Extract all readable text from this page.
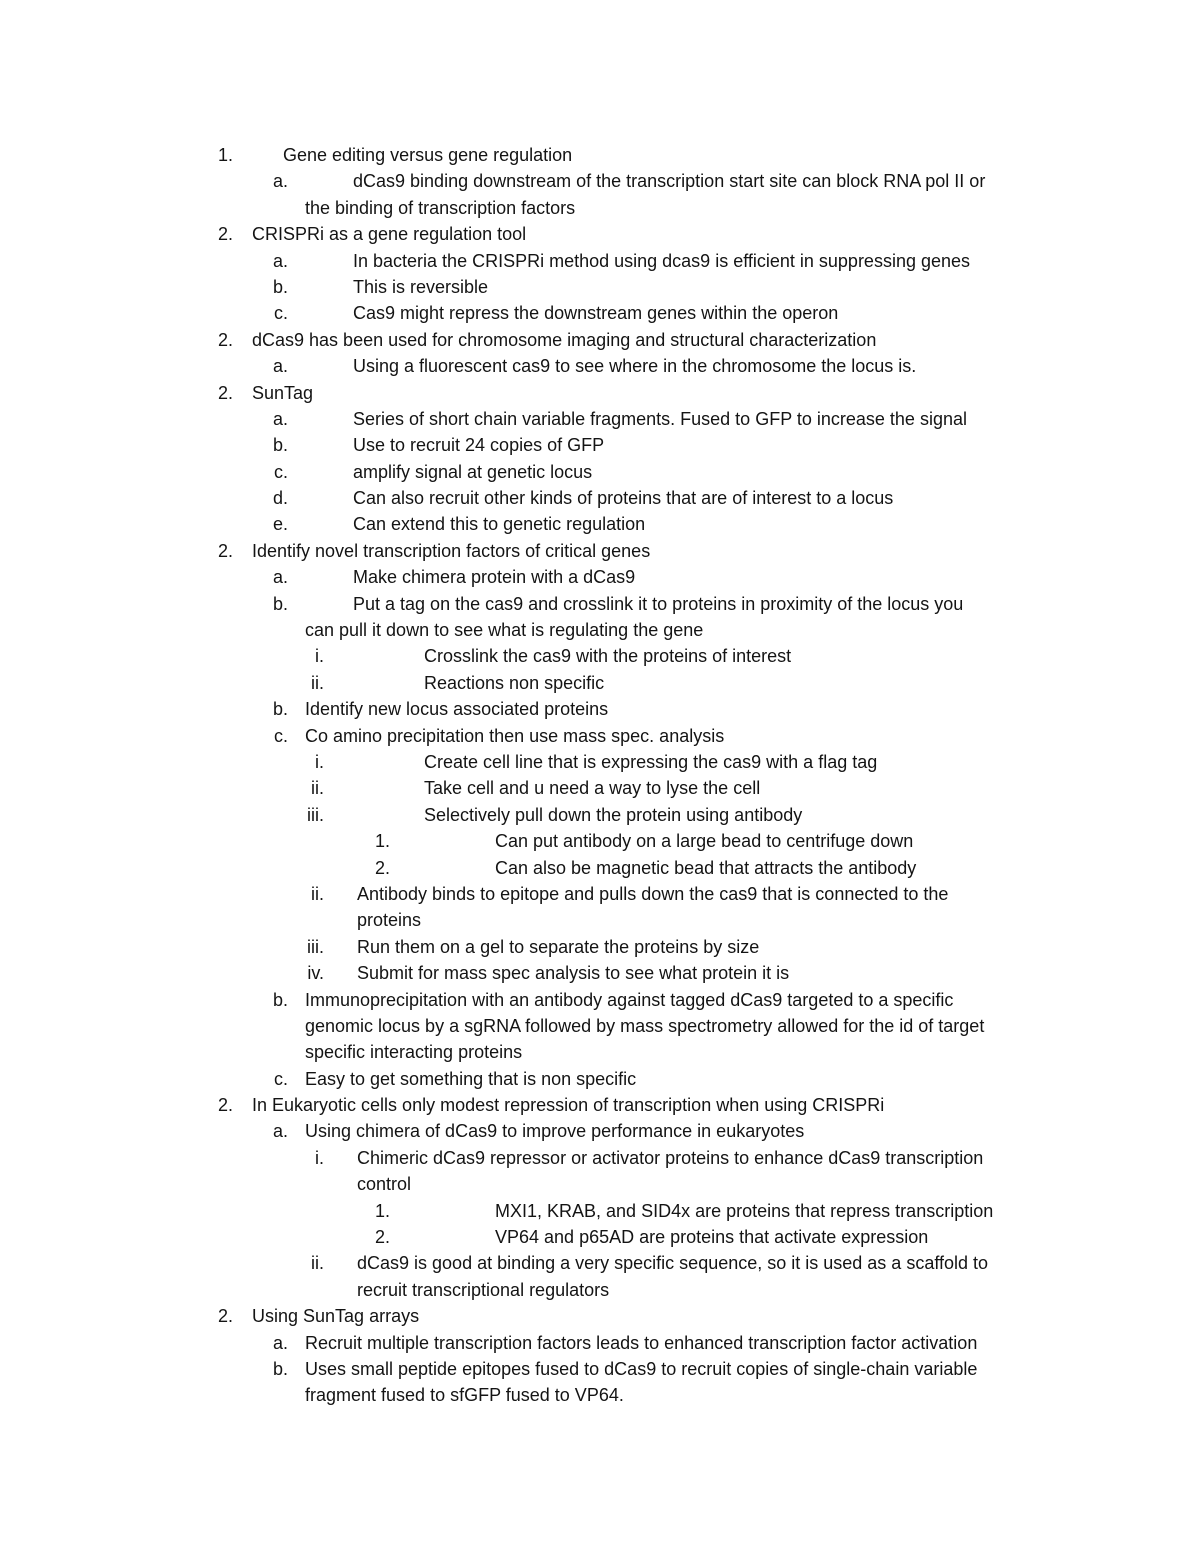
1.	Gene editing versus gene regulation
a.	dCas9 binding downstream of the transcription start site can block RNA pol II or
the binding of transcription factors
2. CRISPRi as a gene regulation tool
a.	In bacteria the CRISPRi method using dcas9 is efficient in suppressing genes
b.	This is reversible
c.	Cas9 might repress the downstream genes within the operon
2. dCas9 has been used for chromosome imaging and structural characterization
a.	Using a fluorescent cas9 to see where in the chromosome the locus is.
2. SunTag
a.	Series of short chain variable fragments. Fused to GFP to increase the signal
b.	Use to recruit 24 copies of GFP
c.	amplify signal at genetic locus
d.	Can also recruit other kinds of proteins that are of interest to a locus
e.	Can extend this to genetic regulation
2. Identify novel transcription factors of critical genes
a.	Make chimera protein with a dCas9
b.	Put a tag on the cas9 and crosslink it to proteins in proximity of the locus you
can pull it down to see what is regulating the gene
i.	Crosslink the cas9 with the proteins of interest
ii.	Reactions non specific
b. Identify new locus associated proteins
c. Co amino precipitation then use mass spec. analysis
i.	Create cell line that is expressing the cas9 with a flag tag
ii.	Take cell and u need a way to lyse the cell
iii.	Selectively pull down the protein using antibody
1.	Can put antibody on a large bead to centrifuge down
2.	Can also be magnetic bead that attracts the antibody
ii. Antibody binds to epitope and pulls down the cas9 that is connected to the
proteins
iii. Run them on a gel to separate the proteins by size
iv. Submit for mass spec analysis to see what protein it is
b. Immunoprecipitation with an antibody against tagged dCas9 targeted to a specific
genomic locus by a sgRNA followed by mass spectrometry allowed for the id of target
specific interacting proteins
c. Easy to get something that is non specific
2. In Eukaryotic cells only modest repression of transcription when using CRISPRi
a. Using chimera of dCas9 to improve performance in eukaryotes
i. Chimeric dCas9 repressor or activator proteins to enhance dCas9 transcription
control
1.	MXI1, KRAB, and SID4x are proteins that repress transcription
2.	VP64 and p65AD are proteins that activate expression
ii. dCas9 is good at binding a very specific sequence, so it is used as a scaffold to
recruit transcriptional regulators
2. Using SunTag arrays
a. Recruit multiple transcription factors leads to enhanced transcription factor activation
b. Uses small peptide epitopes fused to dCas9 to recruit copies of single-chain variable
fragment fused to sfGFP fused to VP64.
